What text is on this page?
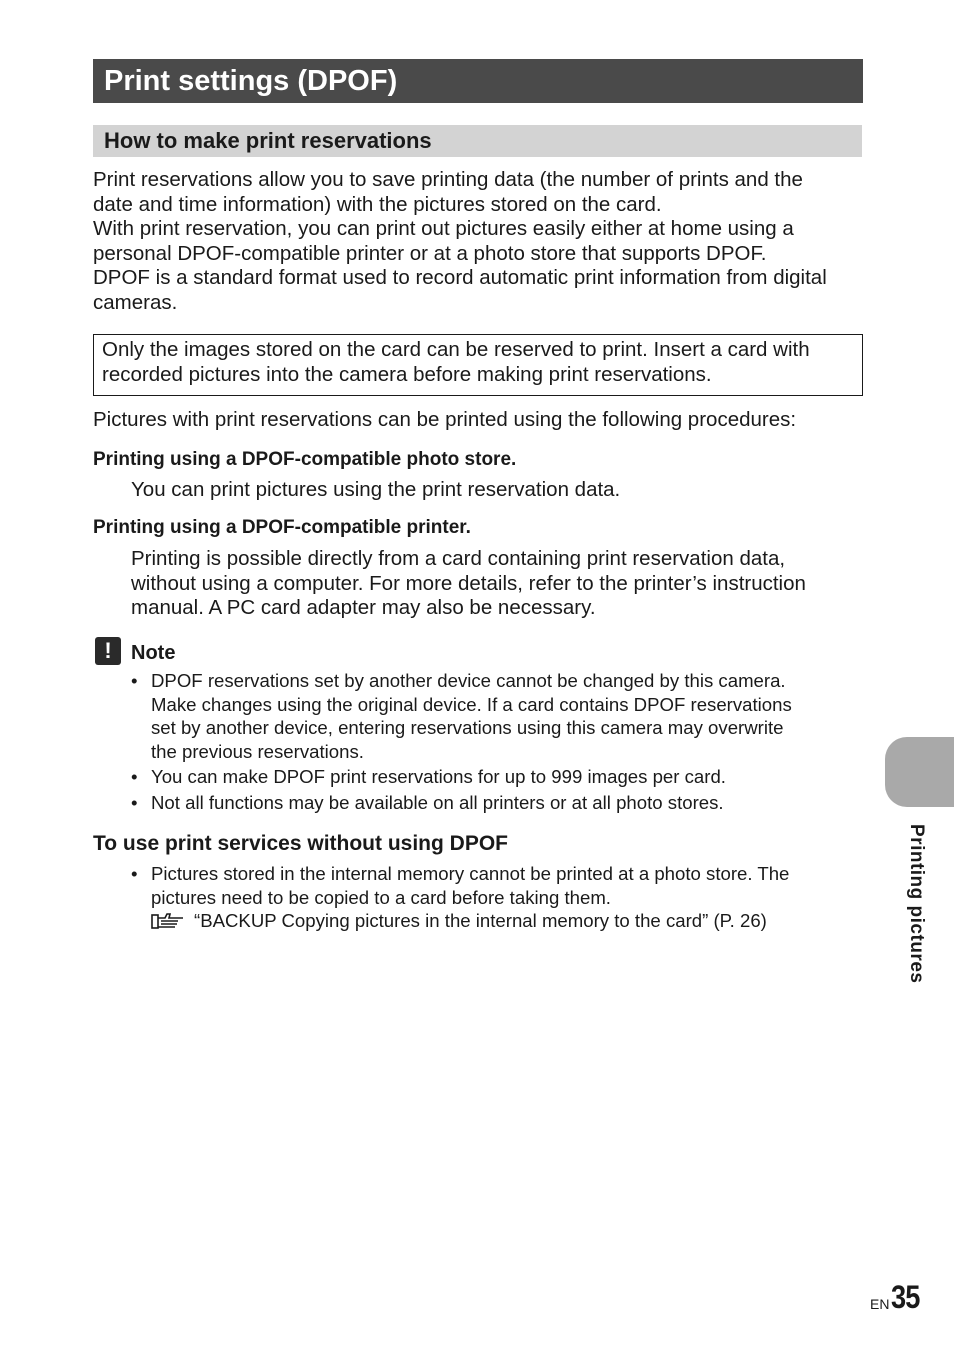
Print settings (DPOF)
How to make print reservations

Print reservations allow you to save printing data (the number of prints and the

date and time information) with the pictures stored on the card.

With print reservation, you can print out pictures easily either at home using a

personal DPOF-compatible printer or at a photo store that supports DPOF.

DPOF is a standard format used to record automatic print information from digital

cameras.

Only the images stored on the card can be reserved to print. Insert a card with

recorded pictures into the camera before making print reservations.

Pictures with print reservations can be printed using the following procedures:

Printing using a DPOF-compatible photo store.

You can print pictures using the print reservation data.

Printing using a DPOF-compatible printer.

Printing is possible directly from a card containing print reservation data,

without using a computer. For more details, refer to the printer’s instruction

manual. A PC card adapter may also be necessary.

! Note
• DPOF reservations set by another device cannot be changed by this camera.
Make changes using the original device. If a card contains DPOF reservations
set by another device, entering reservations using this camera may overwrite
the previous reservations.
• You can make DPOF print reservations for up to 999 images per card.
• Not all functions may be available on all printers or at all photo stores.
To use print services without using DPOF
• Pictures stored in the internal memory cannot be printed at a photo store. The
pictures need to be copied to a card before taking them.
“BACKUP Copying pictures in the internal memory to the card” (P. 26)	Printing pictures
EN 35
